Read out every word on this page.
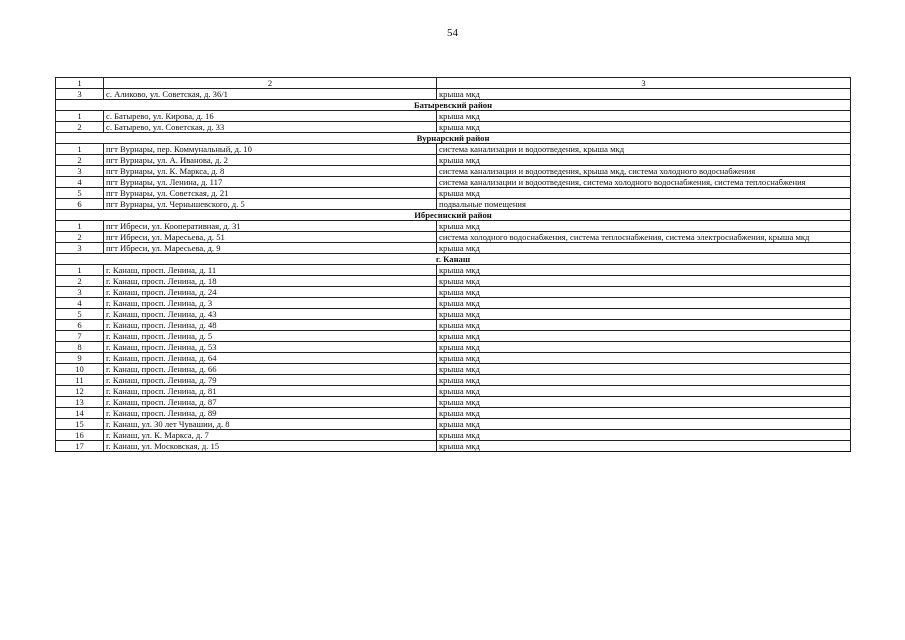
54
1	2	3
3	с. Аликово, ул. Советская, д. 36/1	крыша мкд
Батыревский район		
1	с. Батырево, ул. Кирова, д. 16	крыша мкд
2	с. Батырево, ул. Советская, д. 33	крыша мкд
Вурнарский район		
1	пгт Вурнары, пер. Коммунальный, д. 10	система канализации и водоотведения, крыша мкд
2	пгт Вурнары, ул. А. Иванова, д. 2	крыша мкд
3	пгт Вурнары, ул. К. Маркса, д. 8	система канализации и водоотведения, крыша мкд, система холодного водоснабжения
4	пгт Вурнары, ул. Ленина, д. 117	система канализации и водоотведения, система холодного водоснабжения, система теплоснабжения
5	пгт Вурнары, ул. Советская, д. 21	крыша мкд
6	пгт Вурнары, ул. Чернышевского, д. 5	подвальные помещения
Ибресинский район		
1	пгт Ибреси, ул. Кооперативная, д. 31	крыша мкд
2	пгт Ибреси, ул. Маресьева, д. 51	система холодного водоснабжения, система теплоснабжения, система электроснабжения, крыша мкд
3	пгт Ибреси, ул. Маресьева, д. 9	крыша мкд
г. Канаш		
1	г. Канаш, просп. Ленина, д. 11	крыша мкд
2	г. Канаш, просп. Ленина, д. 18	крыша мкд
3	г. Канаш, просп. Ленина, д. 24	крыша мкд
4	г. Канаш, просп. Ленина, д. 3	крыша мкд
5	г. Канаш, просп. Ленина, д. 43	крыша мкд
6	г. Канаш, просп. Ленина, д. 48	крыша мкд
7	г. Канаш, просп. Ленина, д. 5	крыша мкд
8	г. Канаш, просп. Ленина, д. 53	крыша мкд
9	г. Канаш, просп. Ленина, д. 64	крыша мкд
10	г. Канаш, просп. Ленина, д. 66	крыша мкд
11	г. Канаш, просп. Ленина, д. 79	крыша мкд
12	г. Канаш, просп. Ленина, д. 81	крыша мкд
13	г. Канаш, просп. Ленина, д. 87	крыша мкд
14	г. Канаш, просп. Ленина, д. 89	крыша мкд
15	г. Канаш, ул. 30 лет Чувашии, д. 8	крыша мкд
16	г. Канаш, ул. К. Маркса, д. 7	крыша мкд
17	г. Канаш, ул. Московская, д. 15	крыша мкд
